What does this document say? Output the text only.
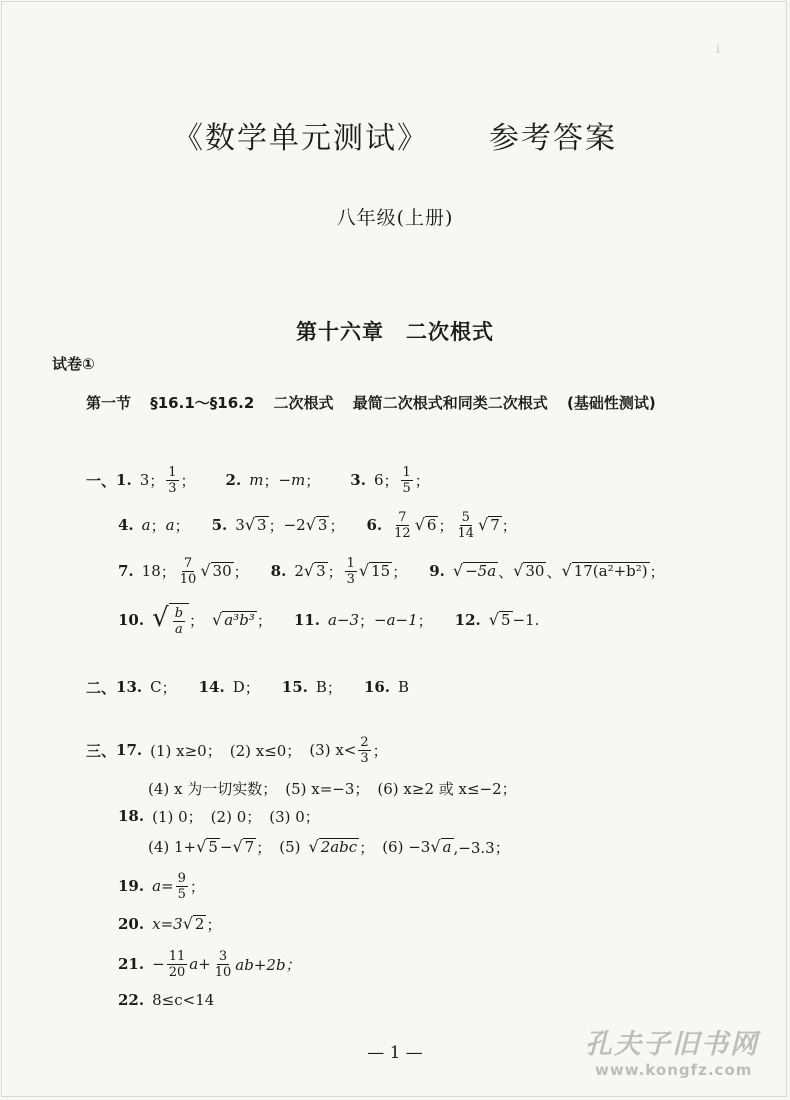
ⅰ
《数学单元测试》 参考答案
八年级(上册)
第十六章 二次根式
试卷①
第一节 §16.1～§16.2 二次根式 最简二次根式和同类二次根式 (基础性测试)
一、 1. 3 ； $\frac{1}{3}$ ； 2. m ； −m ； 3. 6 ； $\frac{1}{5}$ ；
4. a ； a ； 5. 3 √ 3 ； −2 √ 3 ； 6. $\frac{7}{12}$ √ 6 ； $\frac{5}{14}$ √ 7 ；
7. 18 ； $\frac{7}{10}$ √ 30 ； 8. 2 √ 3 ； $\frac{1}{3}$ √ 15 ； 9. √ −5a 、 √ 30 、 √ 17(a²+b²) ；
10. √ $\frac{b}{a}$ ； √ a³b³ ； 11. a−3 ； −a−1 ； 12. √ 5 −1.
二、 13. C ； 14. D ； 15. B ； 16. B
三、 17. (1) x≥0； (2) x≤0； (3) $x< \frac{2}{3}$ ；
(4) x 为一切实数； (5) x=−3； (6) x≥2 或 x≤−2；
18. (1) 0； (2) 0； (3) 0；
(4) 1+ √ 5 − √ 7 ； (5) √ 2abc ； (6) −3 √ a ,−3.3；
19. $a= \frac{9}{5}$ ；
20. x=3 √ 2 ；
21. − $\frac{11}{20} a+ \frac{3}{10} ab+2b$；
22. 8≤c<14
— 1 —	孔夫子旧书网
www.kongfz.com
